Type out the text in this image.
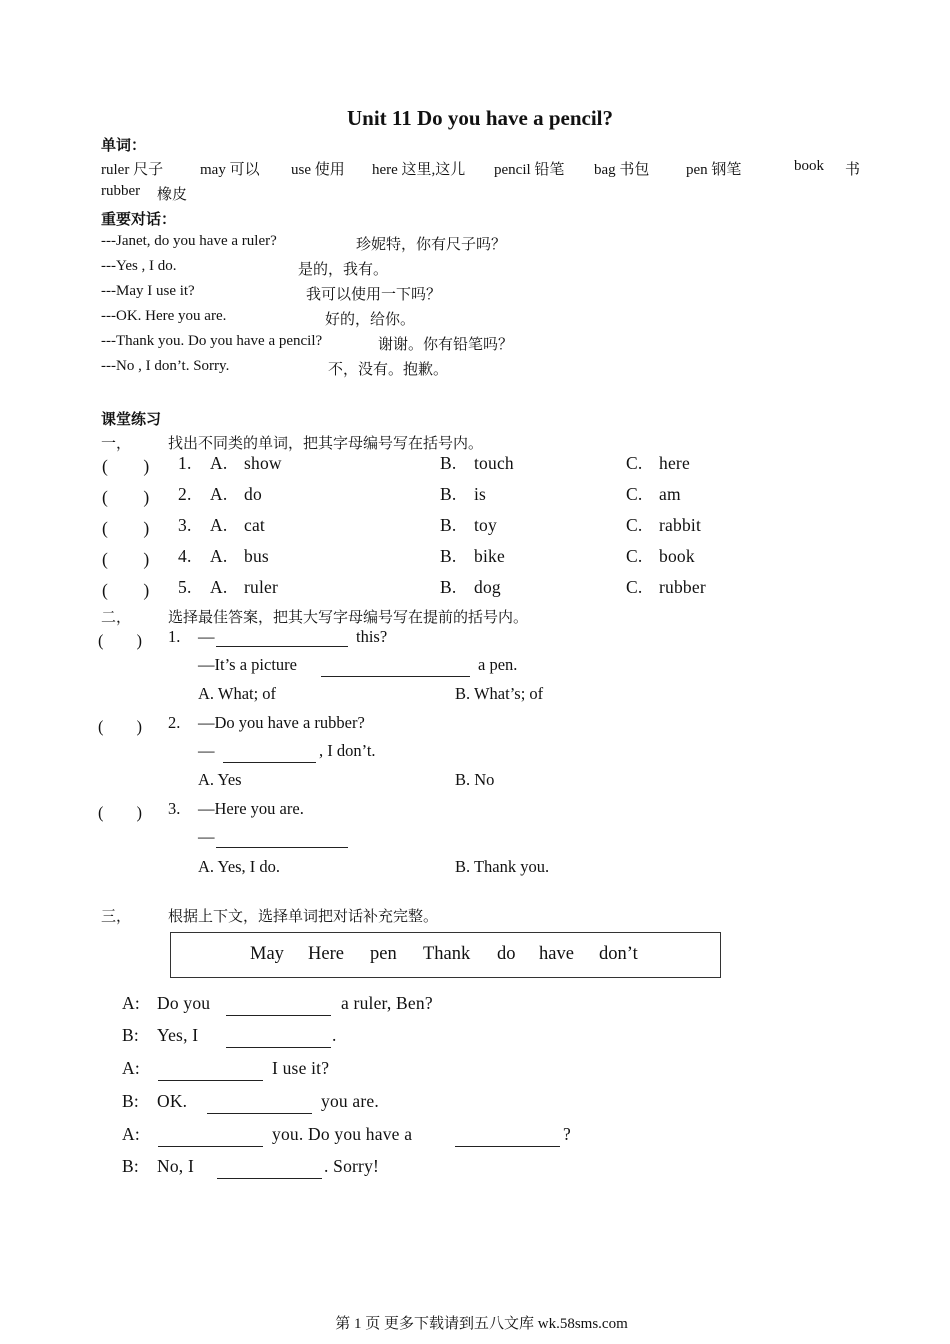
Unit 11 Do you have a pencil?
单词：
ruler 尺子 may 可以 use 使用 here 这里,这儿 pencil 铅笔 bag 书包 pen 钢笔	book 书
rubber 橡皮
重要对话：
---Janet, do you have a ruler?	珍妮特，你有尺子吗？
---Yes , I do.	是的，我有。
---May I use it?	我可以使用一下吗？
---OK. Here you are.	好的，给你。
---Thank you. Do you have a pencil?	谢谢。你有铅笔吗？
---No , I don’t. Sorry.	不，没有。抱歉。
课堂练习
一， 找出不同类的单词，把其字母编号写在括号内。
(　　) 1. A. show	B. touch	C. here
(　　) 2. A. do	B. is	C. am
(　　) 3. A. cat	B. toy	C. rabbit
(　　) 4. A. bus	B. bike	C. book
(　　) 5. A. ruler	B. dog	C. rubber
二， 选择最佳答案，把其大写字母编号写在提前的括号内。
(　　) 1. —	this?
—It’s a picture	a pen.
A. What; of	B. What’s; of
(　　) 2. —Do you have a rubber?
—	, I don’t.
A. Yes	B. No
(　　) 3. —Here you are.
—
A. Yes, I do.	B. Thank you.
三， 根据上下文，选择单词把对话补充完整。
May Here pen Thank do have don’t
A: Do you	a ruler, Ben?
B: Yes, I	.
A:	I use it?
B: OK.	you are.
A:	you. Do you have a	?
B: No, I	. Sorry!
第 1 页 更多下载请到五八文库 wk.58sms.com
